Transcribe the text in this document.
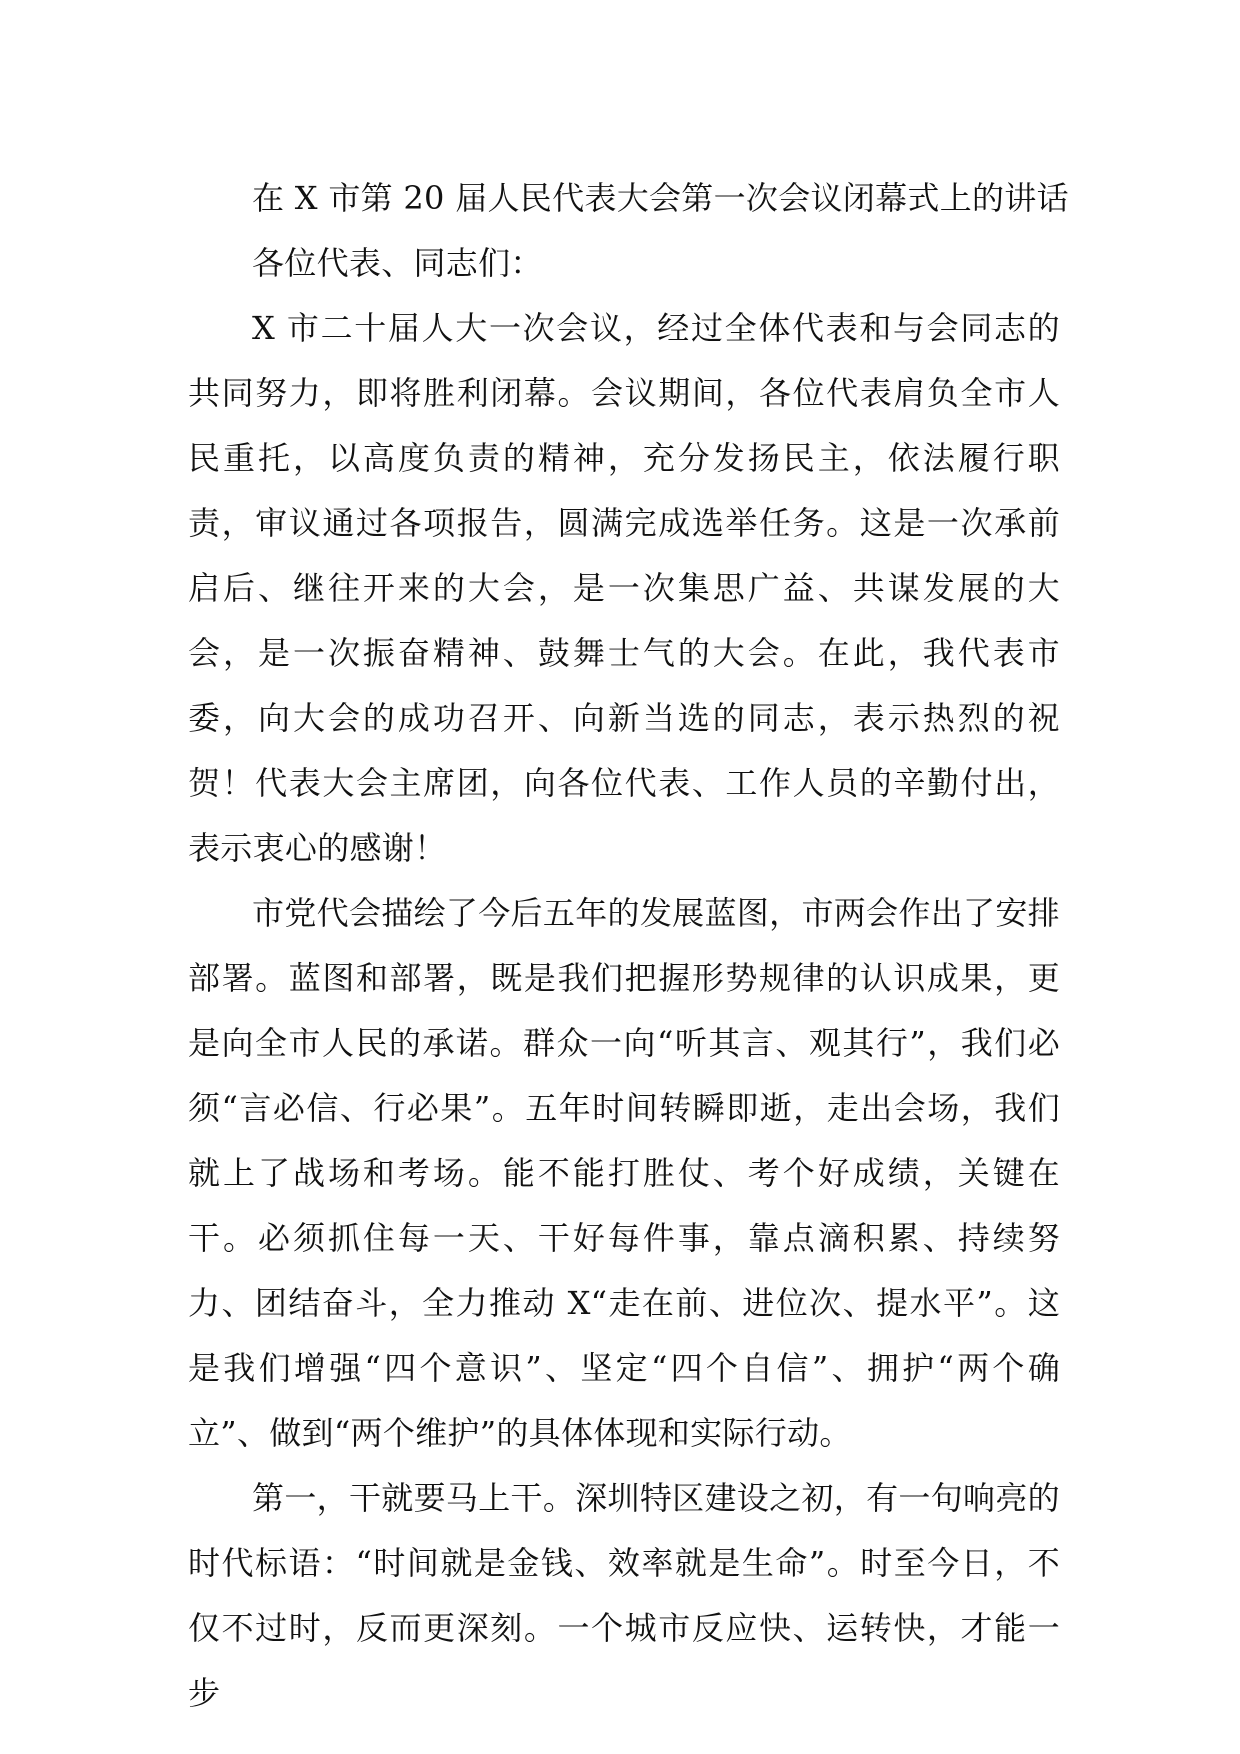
在 X 市第 20 届人民代表大会第一次会议闭幕式上的讲话

各位代表、同志们：

X 市二十届人大一次会议，经过全体代表和与会同志的共同努力，即将胜利闭幕。会议期间，各位代表肩负全市人民重托，以高度负责的精神，充分发扬民主，依法履行职责，审议通过各项报告，圆满完成选举任务。这是一次承前启后、继往开来的大会，是一次集思广益、共谋发展的大会，是一次振奋精神、鼓舞士气的大会。在此，我代表市委，向大会的成功召开、向新当选的同志，表示热烈的祝贺！代表大会主席团，向各位代表、工作人员的辛勤付出，表示衷心的感谢！

市党代会描绘了今后五年的发展蓝图，市两会作出了安排部署。蓝图和部署，既是我们把握形势规律的认识成果，更是向全市人民的承诺。群众一向“听其言、观其行”，我们必须“言必信、行必果”。五年时间转瞬即逝，走出会场，我们就上了战场和考场。能不能打胜仗、考个好成绩，关键在干。必须抓住每一天、干好每件事，靠点滴积累、持续努力、团结奋斗，全力推动 X“走在前、进位次、提水平”。这是我们增强“四个意识”、坚定“四个自信”、拥护“两个确立”、做到“两个维护”的具体体现和实际行动。

第一，干就要马上干。深圳特区建设之初，有一句响亮的时代标语：“时间就是金钱、效率就是生命”。时至今日，不仅不过时，反而更深刻。一个城市反应快、运转快，才能一步
